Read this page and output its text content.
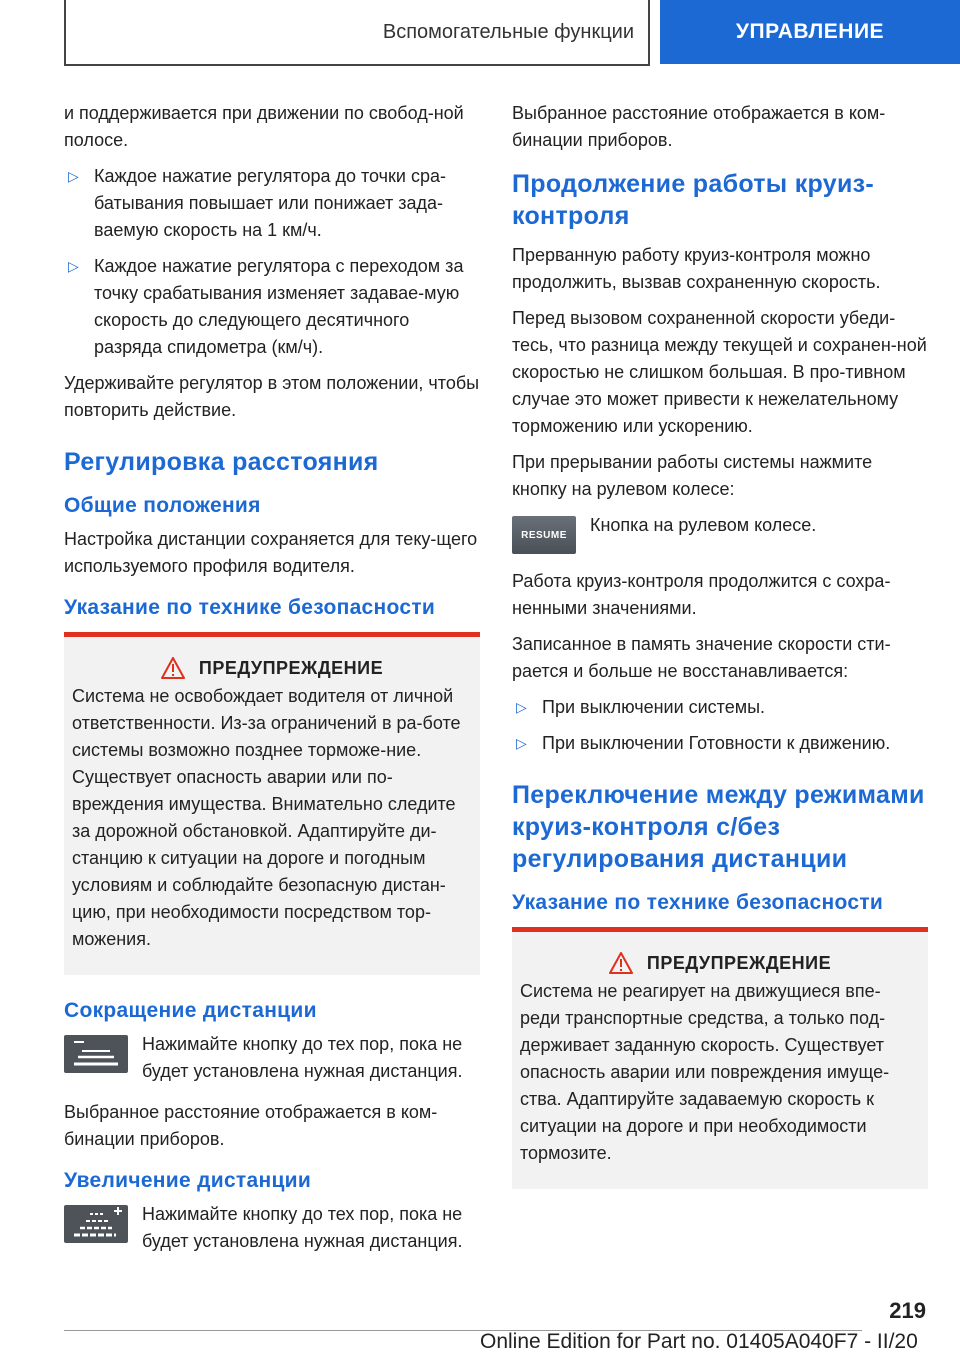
Вспомогательные функции	УПРАВЛЕНИЕ

и поддерживается при движении по свобод-ной полосе.

▷ Каждое нажатие регулятора до точки сра-батывания повышает или понижает зада-ваемую скорость на 1 км/ч.
▷ Каждое нажатие регулятора с переходом за точку срабатывания изменяет задавае-мую скорость до следующего десятичного разряда спидометра (км/ч).

Удерживайте регулятор в этом положении, чтобы повторить действие.

Регулировка расстояния
Общие положения

Настройка дистанции сохраняется для теку-щего используемого профиля водителя.

Указание по технике безопасности
ПРЕДУПРЕЖДЕНИЕ

Система не освобождает водителя от личной ответственности. Из-за ограничений в ра-боте системы возможно позднее торможе-ние. Существует опасность аварии или по-вреждения имущества. Внимательно следите за дорожной обстановкой. Адаптируйте ди-станцию к ситуации на дороге и погодным условиям и соблюдайте безопасную дистан-цию, при необходимости посредством тор-можения.

Сокращение дистанции

Нажимайте кнопку до тех пор, пока не будет установлена нужная дистанция.

Выбранное расстояние отображается в ком-бинации приборов.

Увеличение дистанции

Нажимайте кнопку до тех пор, пока не будет установлена нужная дистанция.

Выбранное расстояние отображается в ком-бинации приборов.

Продолжение работы круиз-контроля

Прерванную работу круиз-контроля можно продолжить, вызвав сохраненную скорость.

Перед вызовом сохраненной скорости убеди-тесь, что разница между текущей и сохранен-ной скоростью не слишком большая. В про-тивном случае это может привести к нежелательному торможению или ускорению.

При прерывании работы системы нажмите кнопку на рулевом колесе:

RESUME	Кнопка на рулевом колесе.

Работа круиз-контроля продолжится с сохра-ненными значениями.

Записанное в память значение скорости сти-рается и больше не восстанавливается:

▷ При выключении системы.
▷ При выключении Готовности к движению.
Переключение между режимами круиз-контроля с/без регулирования дистанции
Указание по технике безопасности
ПРЕДУПРЕЖДЕНИЕ

Система не реагирует на движущиеся впе-реди транспортные средства, а только под-держивает заданную скорость. Существует опасность аварии или повреждения имуще-ства. Адаптируйте задаваемую скорость к ситуации на дороге и при необходимости тормозите.

219
Online Edition for Part no. 01405A040F7 - II/20
